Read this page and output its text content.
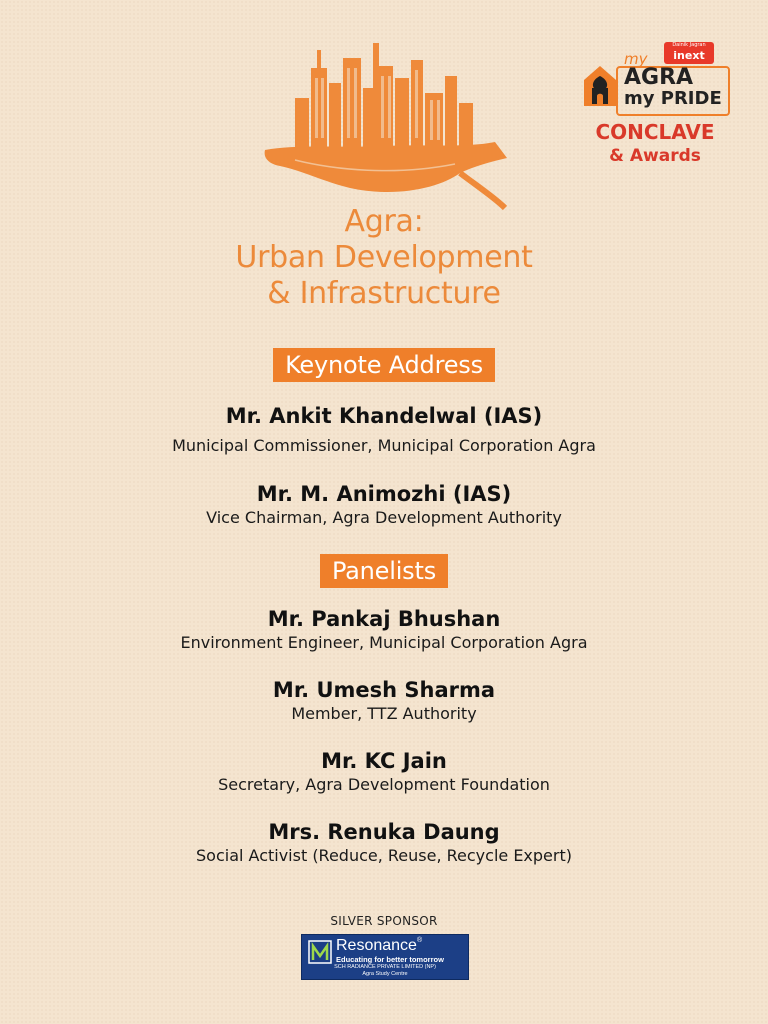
Dainik Jagran
inext
my
AGRA
my PRIDE
CONCLAVE
& Awards
Agra:
Urban Development
& Infrastructure
Keynote Address
Mr. Ankit Khandelwal (IAS)
Municipal Commissioner, Municipal Corporation Agra
Mr. M. Animozhi (IAS)
Vice Chairman, Agra Development Authority
Panelists
Mr. Pankaj Bhushan
Environment Engineer, Municipal Corporation Agra
Mr. Umesh Sharma
Member, TTZ Authority
Mr. KC Jain
Secretary, Agra Development Foundation
Mrs. Renuka Daung
Social Activist (Reduce, Reuse, Recycle Expert)
SILVER SPONSOR
Resonance®
Educating for better tomorrow
SCH RADIANCE PRIVATE LIMITED (NP)
Agra Study Centre
